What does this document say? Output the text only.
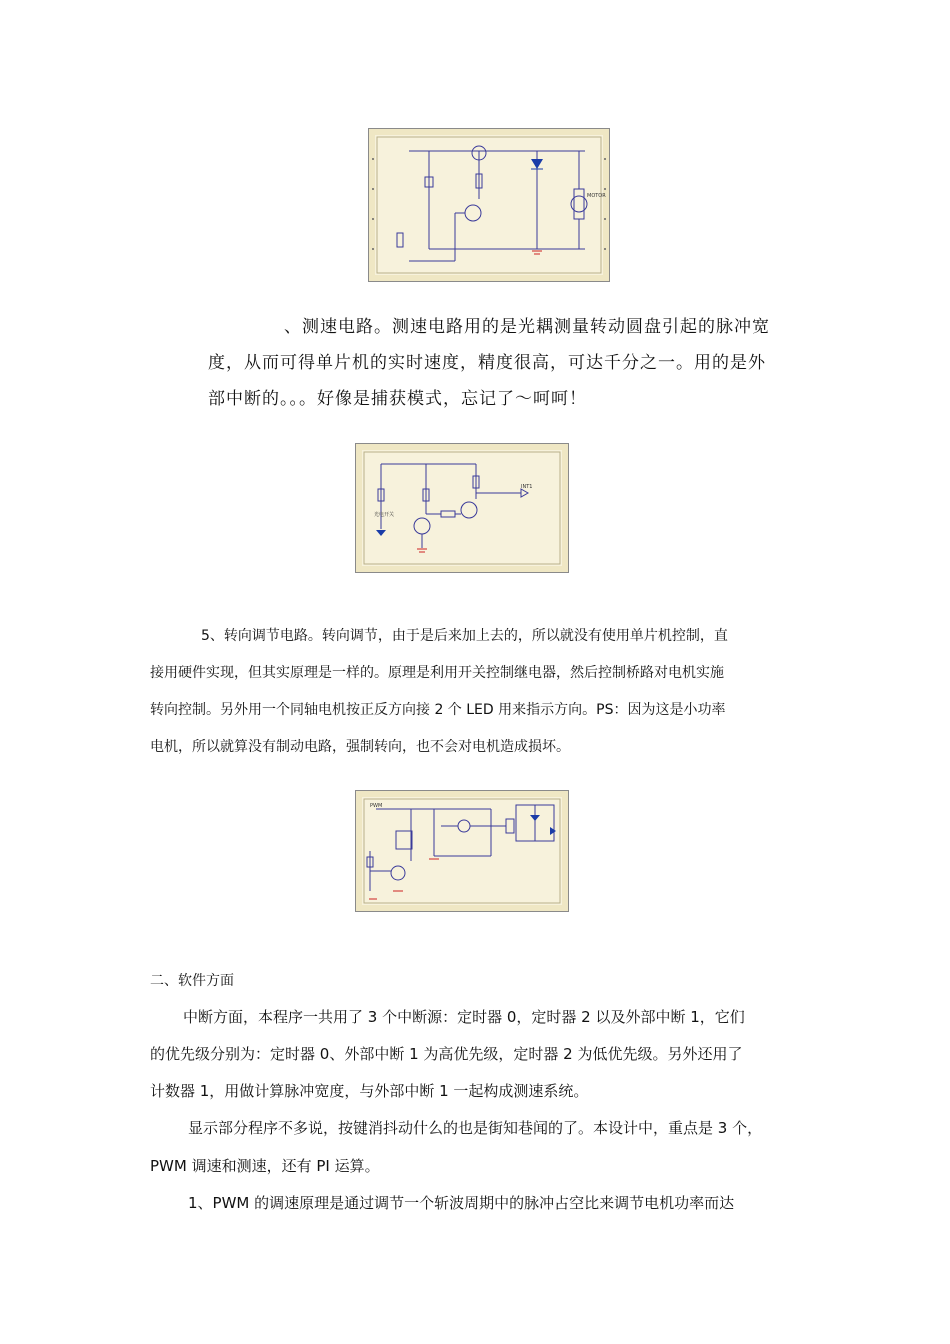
MOTOR
、测速电路。测速电路用的是光耦测量转动圆盘引起的脉冲宽
度，从而可得单片机的实时速度，精度很高，可达千分之一。用的是外
部中断的。。。好像是捕获模式，忘记了～呵呵！
光电开关
INT1
5、转向调节电路。转向调节，由于是后来加上去的，所以就没有使用单片机控制，直
接用硬件实现，但其实原理是一样的。原理是利用开关控制继电器，然后控制桥路对电机实施
转向控制。另外用一个同轴电机按正反方向接 2 个 LED 用来指示方向。PS：因为这是小功率
电机，所以就算没有制动电路，强制转向，也不会对电机造成损坏。
PWM
二、软件方面
中断方面，本程序一共用了 3 个中断源：定时器 0，定时器 2 以及外部中断 1，它们
的优先级分别为：定时器 0、外部中断 1 为高优先级，定时器 2 为低优先级。另外还用了
计数器 1，用做计算脉冲宽度，与外部中断 1 一起构成测速系统。
显示部分程序不多说，按键消抖动什么的也是街知巷闻的了。本设计中，重点是 3 个，
PWM 调速和测速，还有 PI 运算。
1、PWM 的调速原理是通过调节一个斩波周期中的脉冲占空比来调节电机功率而达
